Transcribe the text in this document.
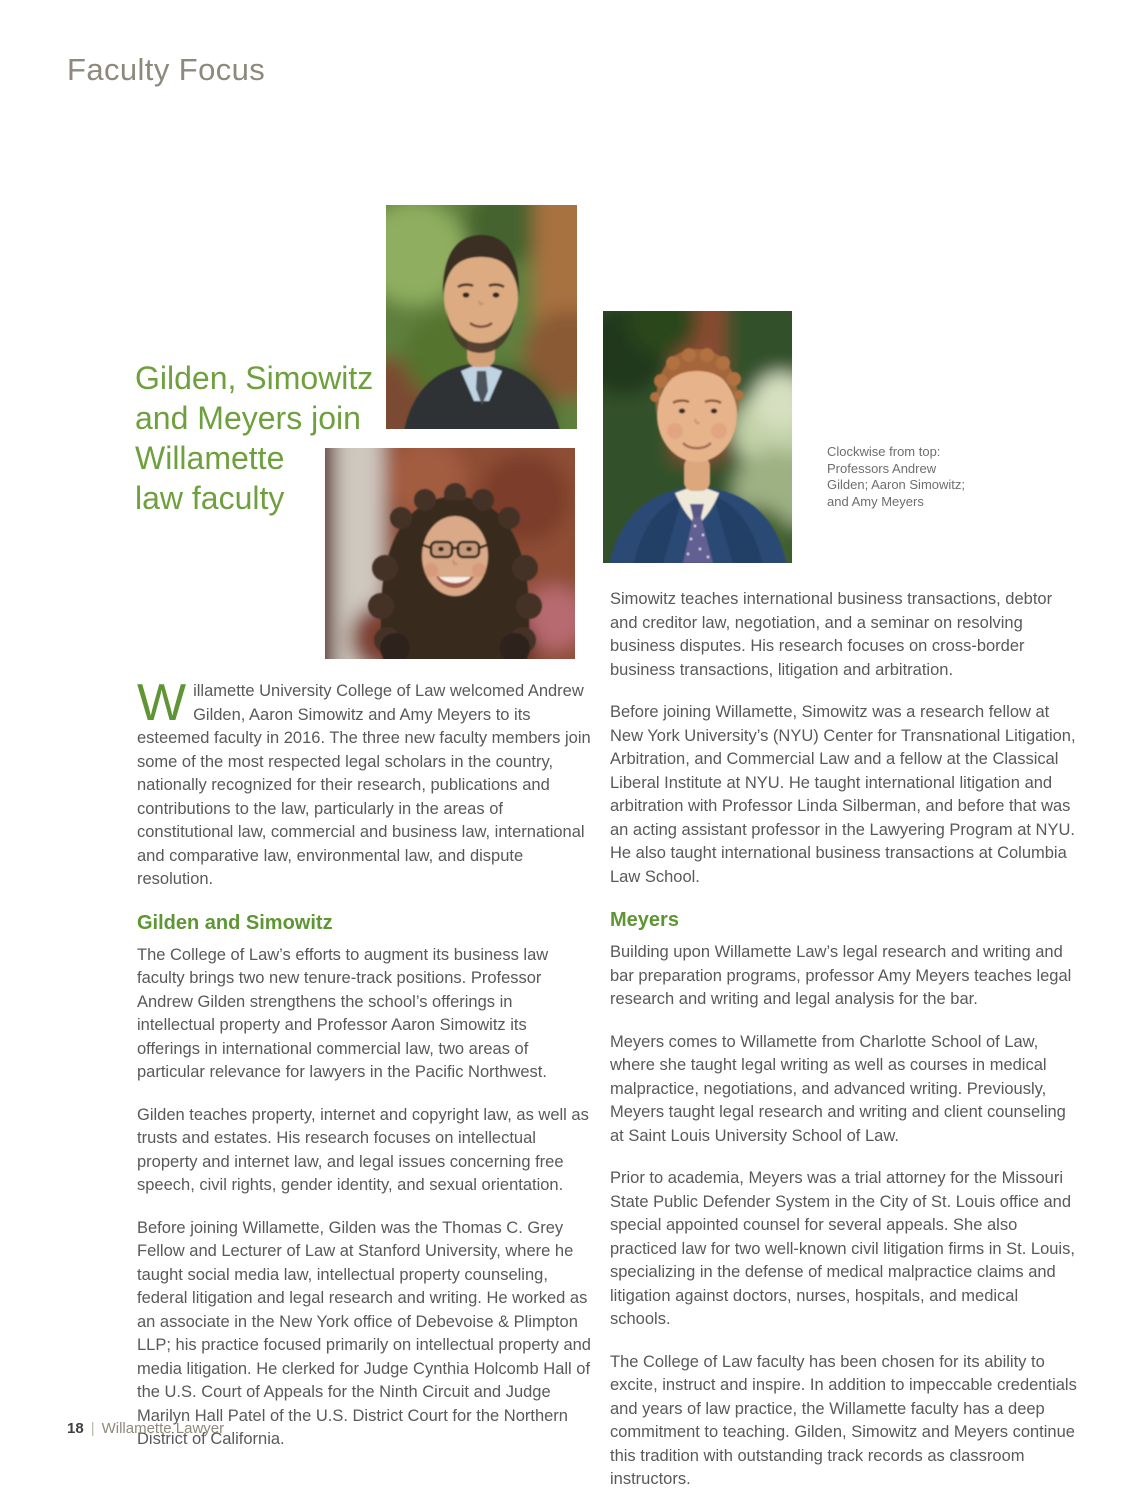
Faculty Focus
Gilden, Simowitz
and Meyers join
Willamette
law faculty
Clockwise from top:
Professors Andrew
Gilden; Aaron Simowitz;
and Amy Meyers

Willamette University College of Law welcomed Andrew Gilden, Aaron Simowitz and Amy Meyers to its esteemed faculty in 2016. The three new faculty members join some of the most respected legal scholars in the country, nationally recognized for their research, publications and contributions to the law, particularly in the areas of constitutional law, commercial and business law, international and comparative law, environmental law, and dispute resolution.

Gilden and Simowitz

The College of Law’s efforts to augment its business law faculty brings two new tenure-track positions. Professor Andrew Gilden strengthens the school’s offerings in intellectual property and Professor Aaron Simowitz its offerings in international commercial law, two areas of particular relevance for lawyers in the Pacific Northwest.

Gilden teaches property, internet and copyright law, as well as trusts and estates. His research focuses on intellectual property and internet law, and legal issues concerning free speech, civil rights, gender identity, and sexual orientation.

Before joining Willamette, Gilden was the Thomas C. Grey Fellow and Lecturer of Law at Stanford University, where he taught social media law, intellectual property counseling, federal litigation and legal research and writing. He worked as an associate in the New York office of Debevoise & Plimpton LLP; his practice focused primarily on intellectual property and media litigation. He clerked for Judge Cynthia Holcomb Hall of the U.S. Court of Appeals for the Ninth Circuit and Judge Marilyn Hall Patel of the U.S. District Court for the Northern District of California.

Simowitz teaches international business transactions, debtor and creditor law, negotiation, and a seminar on resolving business disputes. His research focuses on cross-border business transactions, litigation and arbitration.

Before joining Willamette, Simowitz was a research fellow at New York University’s (NYU) Center for Transnational Litigation, Arbitration, and Commercial Law and a fellow at the Classical Liberal Institute at NYU. He taught international litigation and arbitration with Professor Linda Silberman, and before that was an acting assistant professor in the Lawyering Program at NYU. He also taught international business transactions at Columbia Law School.

Meyers

Building upon Willamette Law’s legal research and writing and bar preparation programs, professor Amy Meyers teaches legal research and writing and legal analysis for the bar.

Meyers comes to Willamette from Charlotte School of Law, where she taught legal writing as well as courses in medical malpractice, negotiations, and advanced writing. Previously, Meyers taught legal research and writing and client counseling at Saint Louis University School of Law.

Prior to academia, Meyers was a trial attorney for the Missouri State Public Defender System in the City of St. Louis office and special appointed counsel for several appeals. She also practiced law for two well-known civil litigation firms in St. Louis, specializing in the defense of medical malpractice claims and litigation against doctors, nurses, hospitals, and medical schools.

The College of Law faculty has been chosen for its ability to excite, instruct and inspire. In addition to impeccable credentials and years of law practice, the Willamette faculty has a deep commitment to teaching. Gilden, Simowitz and Meyers continue this tradition with outstanding track records as classroom instructors.

18 | Willamette Lawyer
